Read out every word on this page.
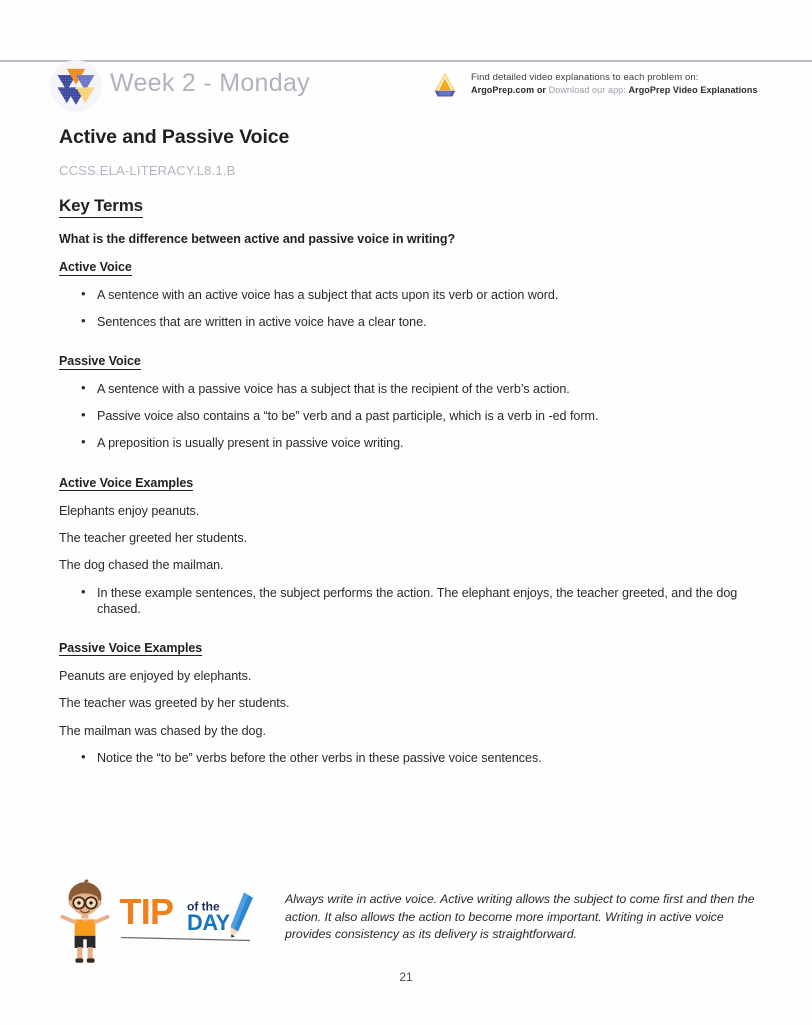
Week 2 - Monday	Find detailed video explanations to each problem on:
ArgoPrep.com or Download our app: ArgoPrep Video Explanations
Active and Passive Voice
CCSS.ELA-LITERACY.L8.1.B
Key Terms
What is the difference between active and passive voice in writing?
Active Voice
• A sentence with an active voice has a subject that acts upon its verb or action word.
• Sentences that are written in active voice have a clear tone.
Passive Voice
• A sentence with a passive voice has a subject that is the recipient of the verb’s action.
• Passive voice also contains a “to be” verb and a past participle, which is a verb in -ed form.
• A preposition is usually present in passive voice writing.
Active Voice Examples

Elephants enjoy peanuts.

The teacher greeted her students.

The dog chased the mailman.

• In these example sentences, the subject performs the action. The elephant enjoys, the teacher greeted, and the dog chased.
Passive Voice Examples

Peanuts are enjoyed by elephants.

The teacher was greeted by her students.

The mailman was chased by the dog.

• Notice the “to be” verbs before the other verbs in these passive voice sentences.
TIP of the
DAY
Always write in active voice. Active writing allows the subject to come first and then the action. It also allows the action to become more important. Writing in active voice provides consistency as its delivery is straightforward.
21
